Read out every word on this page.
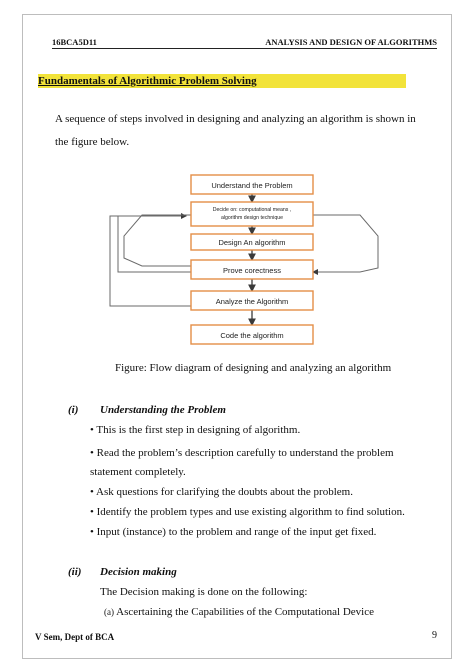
16BCA5D11	ANALYSIS AND DESIGN OF ALGORITHMS
Fundamentals of Algorithmic Problem Solving
A sequence of steps involved in designing and analyzing an algorithm is shown in the figure below.
Understand the Problem
Decide on: computational means ,
algorithm design technique
Design An algorithm
Prove corectness
Analyze the Algorithm
Code the algorithm
Figure: Flow diagram of designing and analyzing an algorithm
(i) Understanding the Problem
• This is the first step in designing of algorithm.
• Read the problem’s description carefully to understand the problem
statement completely.
• Ask questions for clarifying the doubts about the problem.
• Identify the problem types and use existing algorithm to find solution.
• Input (instance) to the problem and range of the input get fixed.
(ii) Decision making
The Decision making is done on the following:
(a) Ascertaining the Capabilities of the Computational Device
V Sem, Dept of BCA	9
